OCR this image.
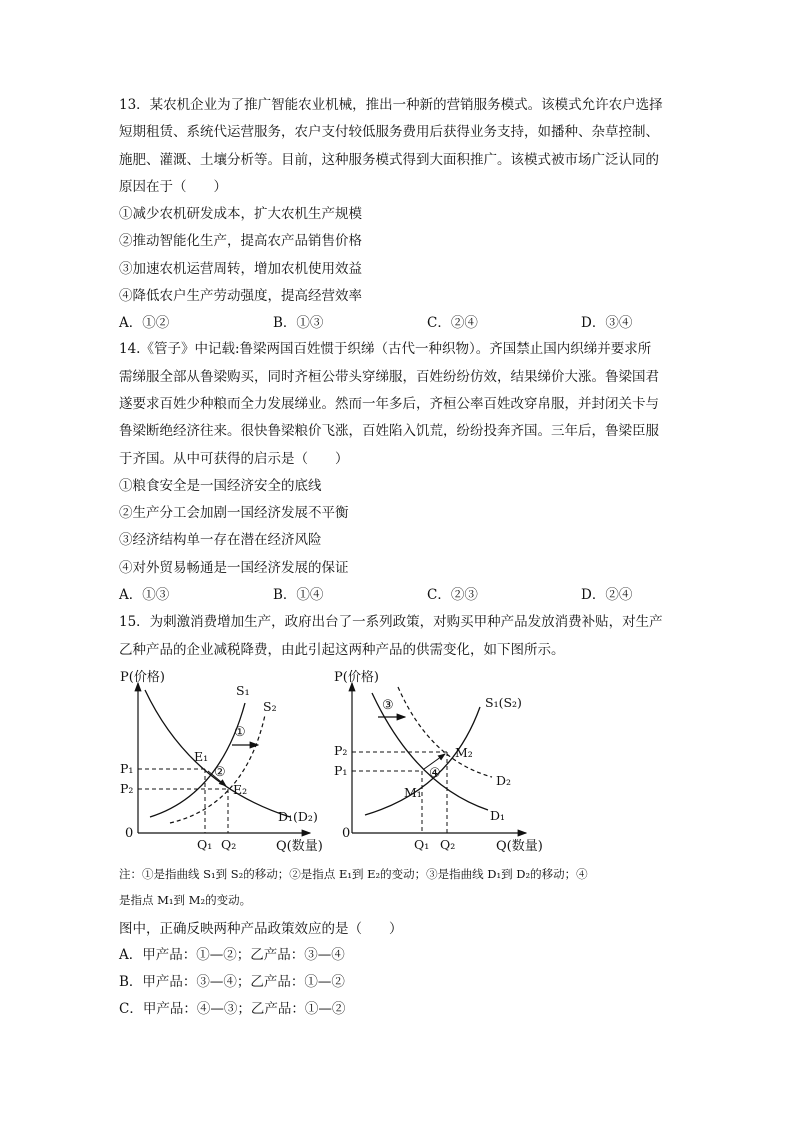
13．某农机企业为了推广智能农业机械，推出一种新的营销服务模式。该模式允许农户选择
短期租赁、系统代运营服务，农户支付较低服务费用后获得业务支持，如播种、杂草控制、
施肥、灌溉、土壤分析等。目前，这种服务模式得到大面积推广。该模式被市场广泛认同的
原因在于（　　）
①减少农机研发成本，扩大农机生产规模
②推动智能化生产，提高农产品销售价格
③加速农机运营周转，增加农机使用效益
④降低农户生产劳动强度，提高经营效率
A．①②	B．①③	C．②④	D．③④
14.《管子》中记载:鲁梁两国百姓惯于织绨（古代一种织物）。齐国禁止国内织绨并要求所
需绨服全部从鲁梁购买，同时齐桓公带头穿绨服，百姓纷纷仿效，结果绨价大涨。鲁梁国君
遂要求百姓少种粮而全力发展绨业。然而一年多后，齐桓公率百姓改穿帛服，并封闭关卡与
鲁梁断绝经济往来。很快鲁梁粮价飞涨，百姓陷入饥荒，纷纷投奔齐国。三年后，鲁梁臣服
于齐国。从中可获得的启示是（　　）
①粮食安全是一国经济安全的底线
②生产分工会加剧一国经济发展不平衡
③经济结构单一存在潜在经济风险
④对外贸易畅通是一国经济发展的保证
A．①③	B．①④	C．②③	D．②④
15．为刺激消费增加生产，政府出台了一系列政策，对购买甲种产品发放消费补贴，对生产
乙种产品的企业减税降费，由此引起这两种产品的供需变化，如下图所示。
P(价格)
Q(数量)
0
D₁(D₂)
S₁
S₂
P₁
P₂
Q₁ Q₂
E₁
E₂
①
②
P(价格)
Q(数量)
0
S₁(S₂)
D₁
D₂
P₂
P₁
Q₁ Q₂
M₁
M₂
③
④
注：①是指曲线 S₁到 S₂的移动；②是指点 E₁到 E₂的变动；③是指曲线 D₁到 D₂的移动；④
是指点 M₁到 M₂的变动。
图中，正确反映两种产品政策效应的是（　　）
A．甲产品：①—②；乙产品：③—④
B．甲产品：③—④；乙产品：①—②
C．甲产品：④—③；乙产品：①—②
